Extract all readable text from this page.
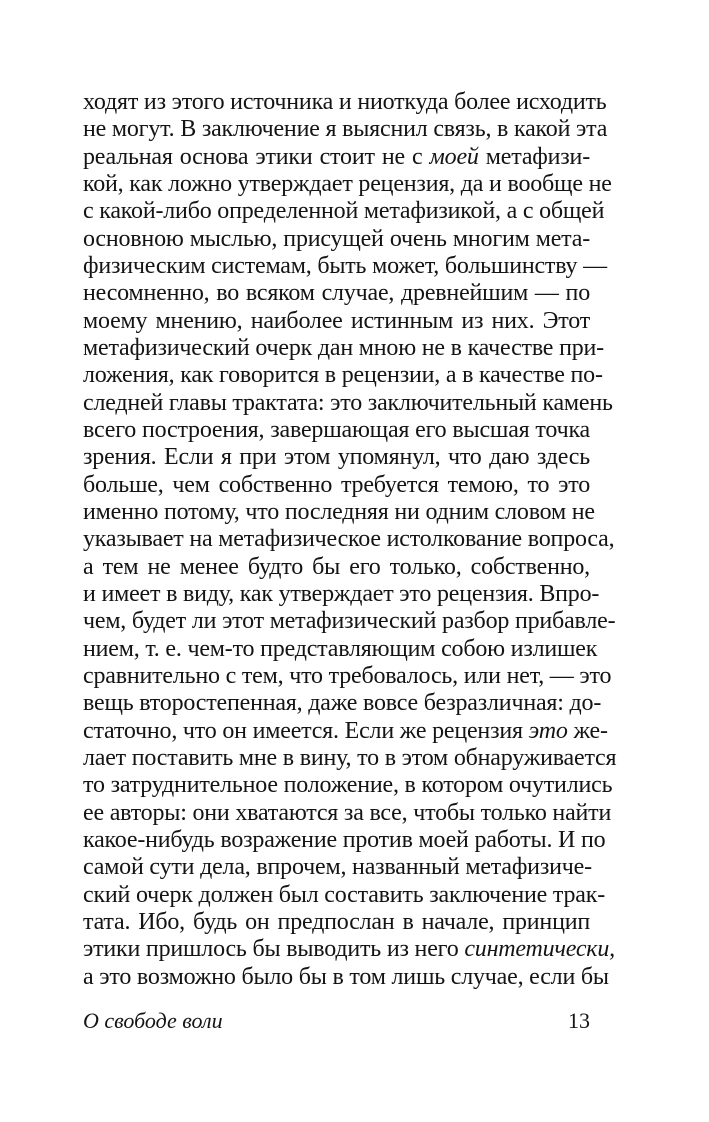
ходят из этого источника и ниоткуда более исходить
не могут. В заключение я выяснил связь, в какой эта
реальная основа этики стоит не с моей метафизи-
кой, как ложно утверждает рецензия, да и вообще не
с какой-либо определенной метафизикой, а с общей
основною мыслью, присущей очень многим мета-
физическим системам, быть может, большинству —
несомненно, во всяком случае, древнейшим — по
моему мнению, наиболее истинным из них. Этот
метафизический очерк дан мною не в качестве при-
ложения, как говорится в рецензии, а в качестве по-
следней главы трактата: это заключительный камень
всего построения, завершающая его высшая точка
зрения. Если я при этом упомянул, что даю здесь
больше, чем собственно требуется темою, то это
именно потому, что последняя ни одним словом не
указывает на метафизическое истолкование вопроса,
а тем не менее будто бы его только, собственно,
и имеет в виду, как утверждает это рецензия. Впро-
чем, будет ли этот метафизический разбор прибавле-
нием, т. е. чем-то представляющим собою излишек
сравнительно с тем, что требовалось, или нет, — это
вещь второстепенная, даже вовсе безразличная: до-
статочно, что он имеется. Если же рецензия это же-
лает поставить мне в вину, то в этом обнаруживается
то затруднительное положение, в котором очутились
ее авторы: они хватаются за все, чтобы только найти
какое-нибудь возражение против моей работы. И по
самой сути дела, впрочем, названный метафизиче-
ский очерк должен был составить заключение трак-
тата. Ибо, будь он предпослан в начале, принцип
этики пришлось бы выводить из него синтетически,
а это возможно было бы в том лишь случае, если бы
О свободе воли	13
